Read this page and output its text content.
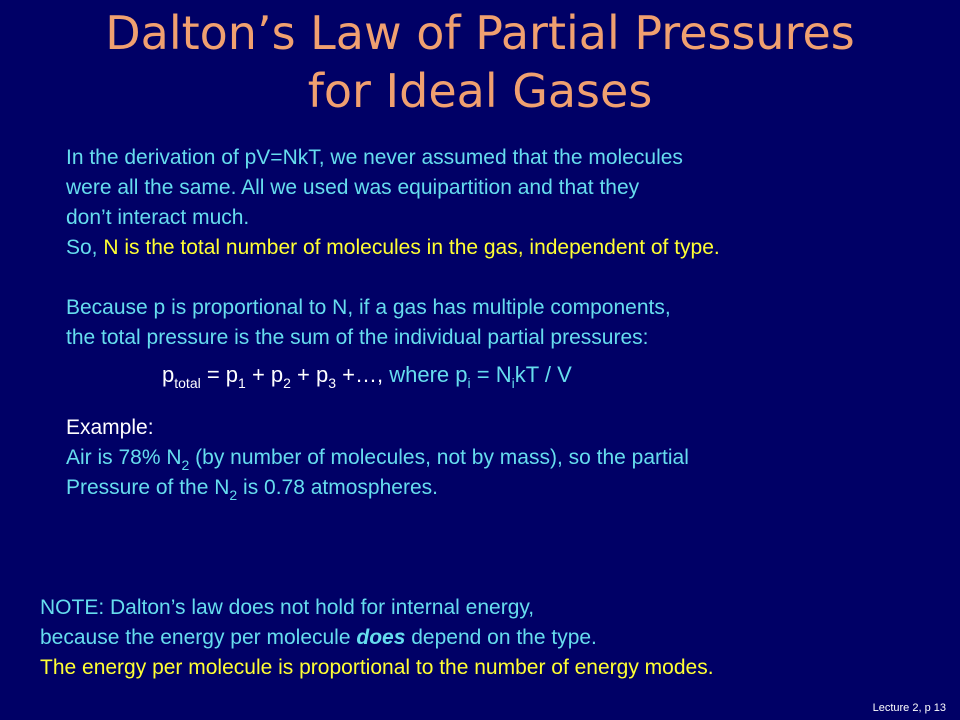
Dalton’s Law of Partial Pressures
for Ideal Gases
In the derivation of pV=NkT, we never assumed that the molecules
were all the same. All we used was equipartition and that they
don’t interact much.
So, N is the total number of molecules in the gas, independent of type.
Because p is proportional to N, if a gas has multiple components,
the total pressure is the sum of the individual partial pressures:
$p_{total} = p_1 + p_2 + p_3$ +…, where $p_i = N_ikT / V$
Example:
Air is 78% $N_2$ (by number of molecules, not by mass), so the partial
Pressure of the $N_2$ is 0.78 atmospheres.
NOTE: Dalton’s law does not hold for internal energy,
because the energy per molecule does depend on the type.
The energy per molecule is proportional to the number of energy modes.
Lecture 2, p 13
